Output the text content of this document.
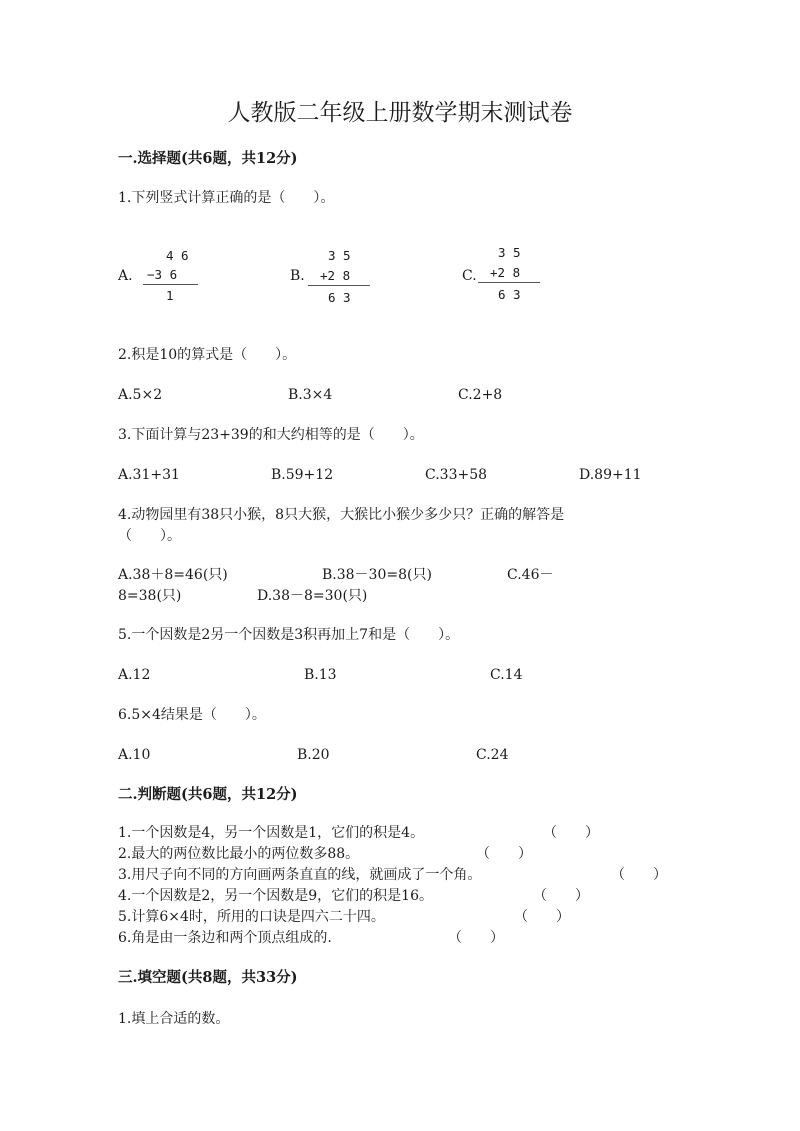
人教版二年级上册数学期末测试卷
一.选择题(共6题，共12分)
1.下列竖式计算正确的是（　　）。
A.
4 6
−3 6
1
B.
3 5
+2 8
6 3
C.
3 5
+2 8
6 3
2.积是10的算式是（　　）。
A.5×2	B.3×4	C.2+8
3.下面计算与23+39的和大约相等的是（　　）。
A.31+31	B.59+12	C.33+58	D.89+11
4.动物园里有38只小猴，8只大猴，大猴比小猴少多少只？正确的解答是
（　　）。
A.38＋8=46(只)	B.38－30=8(只)	C.46－
8=38(只)	D.38－8=30(只)
5.一个因数是2另一个因数是3积再加上7和是（　　）。
A.12	B.13	C.14
6.5×4结果是（　　）。
A.10	B.20	C.24
二.判断题(共6题，共12分)
1.一个因数是4，另一个因数是1，它们的积是4。	（　　）
2.最大的两位数比最小的两位数多88。	（　　）
3.用尺子向不同的方向画两条直直的线，就画成了一个角。	（　　）
4.一个因数是2，另一个因数是9，它们的积是16。	（　　）
5.计算6×4时，所用的口诀是四六二十四。	（　　）
6.角是由一条边和两个顶点组成的.	（　　）
三.填空题(共8题，共33分)
1.填上合适的数。
